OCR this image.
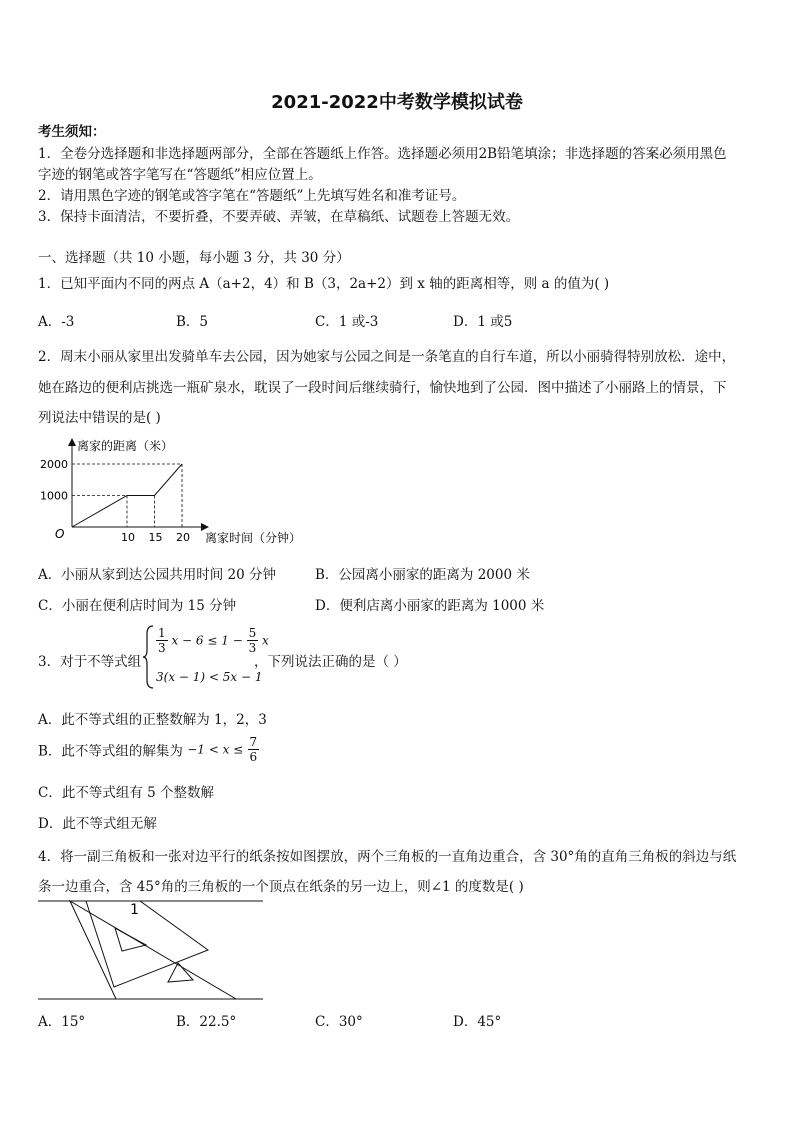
2021-2022中考数学模拟试卷
考生须知：
1．全卷分选择题和非选择题两部分，全部在答题纸上作答。选择题必须用2B铅笔填涂；非选择题的答案必须用黑色
字迹的钢笔或答字笔写在“答题纸”相应位置上。
2．请用黑色字迹的钢笔或答字笔在“答题纸”上先填写姓名和准考证号。
3．保持卡面清洁，不要折叠，不要弄破、弄皱，在草稿纸、试题卷上答题无效。
一、选择题（共 10 小题，每小题 3 分，共 30 分）
1．已知平面内不同的两点 A（a+2，4）和 B（3，2a+2）到 x 轴的距离相等，则 a 的值为( )
A．-3	B．5	C．1 或-3	D．1 或5
2．周末小丽从家里出发骑单车去公园，因为她家与公园之间是一条笔直的自行车道，所以小丽骑得特别放松．途中，
她在路边的便利店挑选一瓶矿泉水，耽误了一段时间后继续骑行，愉快地到了公园．图中描述了小丽路上的情景，下
列说法中错误的是( )
离家的距离（米）
离家时间（分钟）
O
2000
1000
10 15 20
A．小丽从家到达公园共用时间 20 分钟	B．公园离小丽家的距离为 2000 米
C．小丽在便利店时间为 15 分钟	D．便利店离小丽家的距离为 1000 米
3．对于不等式组
$\frac{1}{3}$ $x - 6 \le 1 - \frac{5}{3}$ x
3(x − 1) < 5x − 1
，下列说法正确的是（ ）
A．此不等式组的正整数解为 1，2，3
B．此不等式组的解集为 $-1 < x \le \frac{7}{6}$
C．此不等式组有 5 个整数解
D．此不等式组无解
4．将一副三角板和一张对边平行的纸条按如图摆放，两个三角板的一直角边重合，含 30°角的直角三角板的斜边与纸
条一边重合，含 45°角的三角板的一个顶点在纸条的另一边上，则∠1 的度数是( )
1
A．15°	B．22.5°	C．30°	D．45°
